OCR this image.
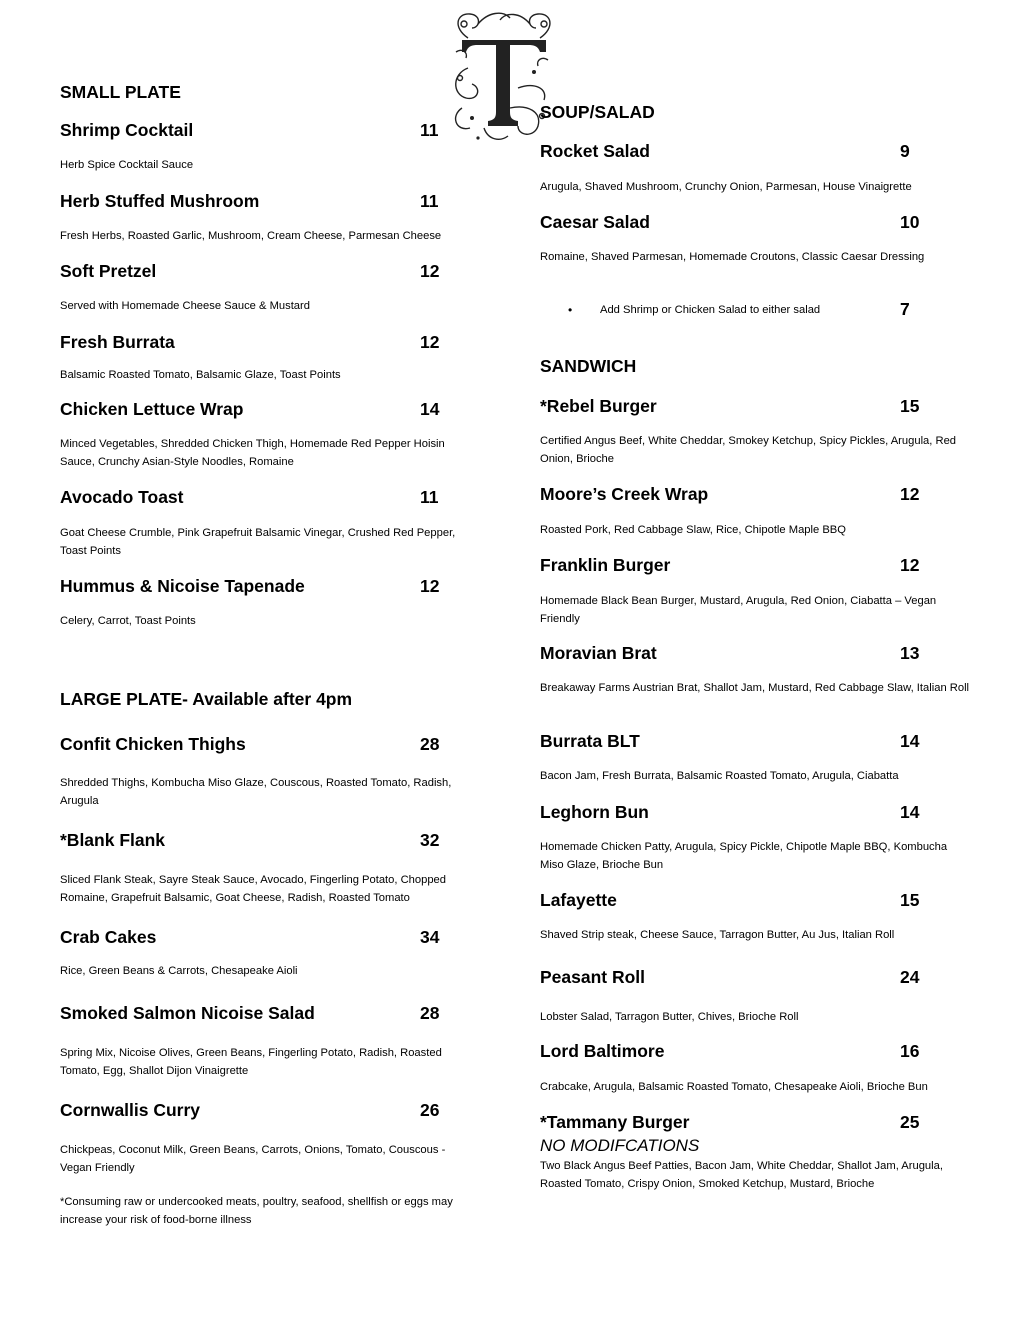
SMALL PLATE
Shrimp Cocktail	11
Herb Spice Cocktail Sauce
Herb Stuffed Mushroom	11
Fresh Herbs, Roasted Garlic, Mushroom, Cream Cheese, Parmesan Cheese
Soft Pretzel	12
Served with Homemade Cheese Sauce & Mustard
Fresh Burrata	12
Balsamic Roasted Tomato, Balsamic Glaze, Toast Points
Chicken Lettuce Wrap	14
Minced Vegetables, Shredded Chicken Thigh, Homemade Red Pepper Hoisin Sauce, Crunchy Asian-Style Noodles, Romaine
Avocado Toast	11
Goat Cheese Crumble, Pink Grapefruit Balsamic Vinegar, Crushed Red Pepper, Toast Points
Hummus & Nicoise Tapenade	12
Celery, Carrot, Toast Points
LARGE PLATE- Available after 4pm
Confit Chicken Thighs	28
Shredded Thighs, Kombucha Miso Glaze, Couscous, Roasted Tomato, Radish, Arugula
*Blank Flank	32
Sliced Flank Steak, Sayre Steak Sauce, Avocado, Fingerling Potato, Chopped Romaine, Grapefruit Balsamic, Goat Cheese, Radish, Roasted Tomato
Crab Cakes	34
Rice, Green Beans & Carrots, Chesapeake Aioli
Smoked Salmon Nicoise Salad	28
Spring Mix, Nicoise Olives, Green Beans, Fingerling Potato, Radish, Roasted Tomato, Egg, Shallot Dijon Vinaigrette
Cornwallis Curry	26
Chickpeas, Coconut Milk, Green Beans, Carrots, Onions, Tomato, Couscous - Vegan Friendly
*Consuming raw or undercooked meats, poultry, seafood, shellfish or eggs may increase your risk of food-borne illness
SOUP/SALAD
Rocket Salad	9
Arugula, Shaved Mushroom, Crunchy Onion, Parmesan, House Vinaigrette
Caesar Salad	10
Romaine, Shaved Parmesan, Homemade Croutons, Classic Caesar Dressing
• Add Shrimp or Chicken Salad to either salad	7
SANDWICH
*Rebel Burger	15
Certified Angus Beef, White Cheddar, Smokey Ketchup, Spicy Pickles, Arugula, Red Onion, Brioche
Moore’s Creek Wrap	12
Roasted Pork, Red Cabbage Slaw, Rice, Chipotle Maple BBQ
Franklin Burger	12
Homemade Black Bean Burger, Mustard, Arugula, Red Onion, Ciabatta – Vegan Friendly
Moravian Brat	13
Breakaway Farms Austrian Brat, Shallot Jam, Mustard, Red Cabbage Slaw, Italian Roll
Burrata BLT	14
Bacon Jam, Fresh Burrata, Balsamic Roasted Tomato, Arugula, Ciabatta
Leghorn Bun	14
Homemade Chicken Patty, Arugula, Spicy Pickle, Chipotle Maple BBQ, Kombucha Miso Glaze, Brioche Bun
Lafayette	15
Shaved Strip steak, Cheese Sauce, Tarragon Butter, Au Jus, Italian Roll
Peasant Roll	24
Lobster Salad, Tarragon Butter, Chives, Brioche Roll
Lord Baltimore	16
Crabcake, Arugula, Balsamic Roasted Tomato, Chesapeake Aioli, Brioche Bun
*Tammany Burger	25
NO MODIFCATIONS
Two Black Angus Beef Patties, Bacon Jam, White Cheddar, Shallot Jam, Arugula, Roasted Tomato, Crispy Onion, Smoked Ketchup, Mustard, Brioche
